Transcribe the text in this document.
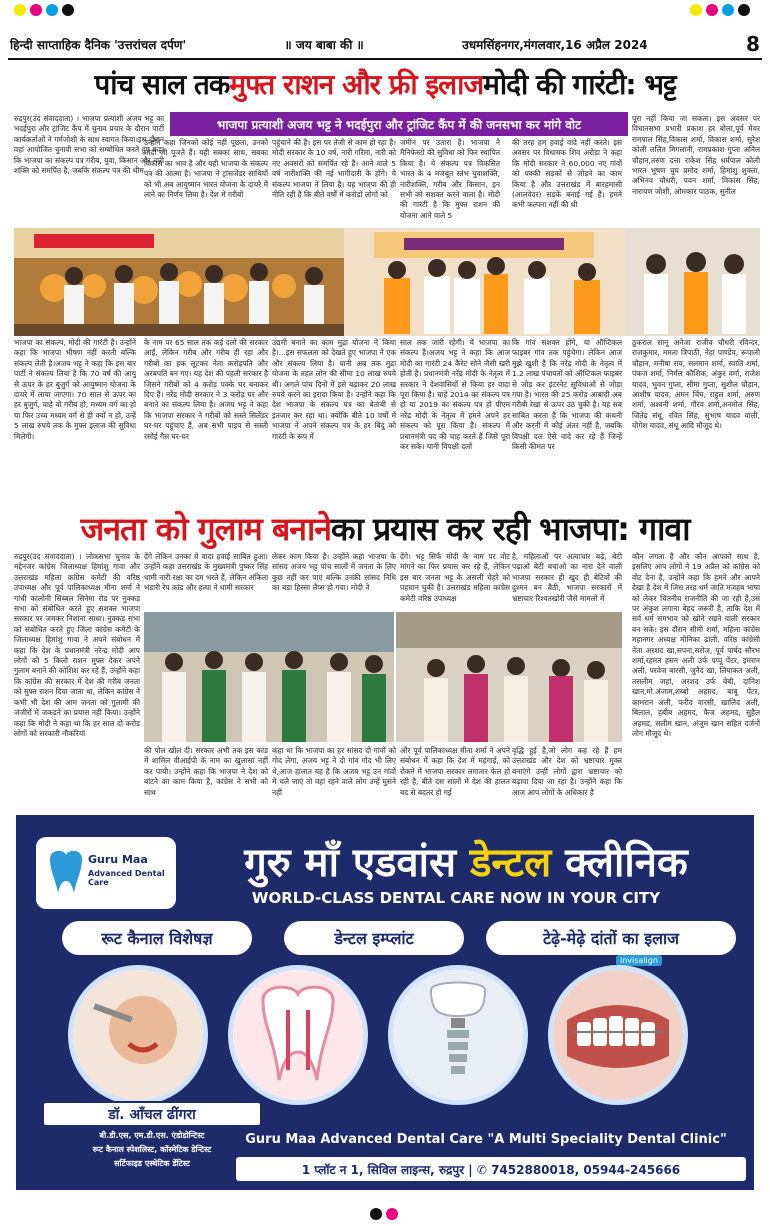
हिन्दी साप्ताहिक दैनिक 'उत्तरांचल दर्पण'	॥ जय बाबा की ॥	उधमसिंहनगर,मंगलवार,16 अप्रैल 2024	8
पांच साल तक मुफ्त राशन और फ्री इलाज मोदी की गारंटी: भट्ट
भाजपा प्रत्याशी अजय भट्ट ने भदईपुरा और ट्रांजिट कैंप में की जनसभा कर मांगे वोट
रुद्रपुर(उद संवाददाता) । भाजपा प्रत्याशी अजय भट्ट का भदईपुरा और ट्रांजिट कैंप में चुनाव प्रचार के दौरान पार्टी कार्यकर्ताओं ने गर्मजोशी के साथ स्वागत किया।इस दौरान वहां आयोजित चुनावी सभा को सम्बोधित करते हुए कहा कि भाजपा का संकल्प पत्र गरीब, युवा, किसान और नारी शक्ति को समर्पित है, जबकि संकल्प पत्र की थीम
उन्होंने कहा जिनको कोई नहीं पूछता, उनको मोदी जी पूजते हैं। यही सबका साथ, सबका विकास का भाव है और यही भाजपा के संकल्प पत्र की आत्मा है। भाजपा ने ट्रांसजेंडर साथियों को भी अब आयुष्मान भारत योजना के दायरे में लाने का निर्णय लिया है। देश में गरीबों
पहुंचाने की है। इस पर तेजी से काम हो रहा है। मोदी सरकार के 10 वर्ष, नारी गरिमा, नारी को नए अवसरों को समर्पित रहे हैं। आने वाले 5 वर्ष नारीशक्ति की नई भागीदारी के होंगे। ये संकल्प भाजपा ने लिया है। यह भाजपा की ही नीति रही है कि बीते वर्षों में करोड़ों लोगों को
जमीन पर उतारा है। भाजपा ने मैनिफेस्टो की सुविधा को फिर स्थापित किया है। ये संकल्प पत्र विकसित भारत के 4 मजबूत स्तंभ युवाशक्ति, नारीशक्ति, गरीब और किसान, इन सभी को सशक्त करने वाला है। मोदी की गारंटी है कि मुफ्त राशन की योजना आने वाले 5
की तरह हम हवाई वादे नहीं करते। इस अवसर पर विधायक शिव अरोड़ा ने कहा कि मोदी सरकार ने 60,000 नए गांवों को पक्की सड़कों से जोड़ने का काम किया है और उत्तराखंड में बारहमासी (आलवेदर) सड़कें बनाई गई हैं। हमने कभी कल्पना नहीं की थी
पूरा नहीं किया जा सकता। इस अवसर पर विधानसभा प्रभारी प्रकाश हर बोला,पूर्व मेयर रामपाल सिंह,विकास शर्मा, विकास शर्मा, सुरेश कोली ललित मिगलानी, रामप्रकाश गुप्ता अनिल चौहान,तरुण दत्ता राकेश सिंह धर्मपाल कोली भारत भूषण चुघ प्रमोद शर्मा, हिमांशु शुक्ला, अभिनव चौधरी, पवन शर्मा, विकास सिंह, नारायण जोशी, ओमकार पाठक, सुनील
भाजपा का संकल्प, मोदी की गारंटी है। उन्होंने कहा कि भाजपा भीषण नहीं करती बल्कि संकल्प लेती है।अजय भट्ट ने कहा कि इस बार पार्टी ने संकल्प लिया है कि 70 वर्ष की आयु से ऊपर के हर बुजुर्ग को आयुष्मान योजना के दायरे में लाया जाएगा। 70 साल से ऊपर का हर बुजुर्ग, चाहे वो गरीब हो, मध्यम वर्ग का हो या फिर उच्च मध्यम वर्ग से ही क्यों न हो, उन्हें 5 लाख रुपये तक के मुफ्त इलाज की सुविधा मिलेगी।
के नाम पर 65 साल तक कई दलों की सरकार आईं, लेकिन गरीब और गरीब ही रहा और गरीबों का हक लूटकर नेता करोड़पति और अरबपति बन गए। यह देश की पहली सरकार है जिसने गरीबों को 4 करोड़ पक्के घर बनाकर दिए हैं। नरेंद्र मोदी सरकार ने 3 करोड़ घर और बनाने का संकल्प लिया है। अजय भट्ट ने कहा कि भाजपा सरकार ने गरीबों को सस्ते सिलेंडर घर-घर पहुंचाए हैं, अब सभी पाइप से सस्ती रसोई गैस घर-घर
उद्यमी बनाने का काम मुद्रा योजना ने किया है।...इस सफलता को देखते हुए भाजपा ने एक और संकल्प लिया है। यानी अब तक मुद्रा योजना के तहत लोन की सीमा 10 लाख रुपये थी। अगले पांच दिनों में इसे बढ़ाकर 20 लाख रुपये करने का इरादा किया है। उन्होंने कहा कि देश भाजपा के संकल्प पत्र का बेताबी से इंतजार कर रहा था। क्योंकि बीते 10 वर्षों में भाजपा ने अपने संकल्प पत्र के हर बिंदु को गारंटी के रूप में
साल तक जारी रहेगी। ये भाजपा का संकल्प है।अजय भट्ट ने कहा कि आज मोदी का गारंटी 24 कैरेट सोने जैसी खरी होती है। प्रधानमंत्री नरेंद्र मोदी के नेतृत्व में सरकार ने देशवासियों से किया हर वादा पूरा किया है। चाहे 2014 का संकल्प पत्र हो या 2019 का संकल्प पत्र हो पीएम नरेंद्र मोदी के नेतृत्व में हमने अपने हर संकल्प को पूरा किया है। संकल्प में प्रधानमंत्री पद की चाह करते हैं जिसे पूरा कर सके। यानी विपक्षी दलों
कि गांव सशक्त होंगे, या ऑप्टिकल फाइबर गांव तक पहुंचेगा। लेकिन आज मुझे खुशी है कि नरेंद्र मोदी के नेतृत्व में 1.2 लाख पंचायतों को ऑप्टिकल फाइबर से जोड़ कर इंटरनेट सुविधाओं से जोड़ा गया है। भारत की 25 करोड़ आबादी अब गरीबी रेखा से ऊपर उठ चुकी है। यह सब साबित करता है कि भाजपा की कथनी और करनी में कोई अंतर नहीं है, जबकि विपक्षी दल ऐसे वादे कर रहे हैं जिन्हें किसी कीमत पर
ठुकराल सानू अनेजा राजीव चौधरी रविन्दर, राजकुमार, ममता त्रिपाठी, नेहा पाण्डेय, रूपाली चौहान, मनीषा राय, सलमान शर्मा, स्वाति शर्मा, पंकज शर्मा, निर्मल कौशिक, अंकुर वर्मा, राजेश यादव, भुवन गुप्ता, सीमा गुप्ता, सुशील चौहान, आशीष यादव, अमन चिंघ, राहुल शर्मा, अरुण शर्मा, अश्वनी शर्मा, गौरव शर्मा,अनमोल सिंह, जितेंद्र संधू, रवित सिंह, सुभाष यादव वाली, योगेश यादव, संधू आदि मौजूद थे।
जनता को गुलाम बनाने का प्रयास कर रही भाजपा: गावा
रुद्रपुर(उद संवाददाता) । लोकसभा चुनाव के मद्देनजर कांग्रेस जिलाध्यक्ष हिमांशु गावा और उत्तराखंड महिला कांग्रेस कमेटी की वरिष्ठ उपाध्यक्ष और पूर्व पालिकाध्यक्ष मीना शर्मा ने गांधी कालोनी सिब्बल सिनेमा रोड पर नुक्कड़ सभा को संबोधित करते हुए सशक्त भाजपा सरकार पर जमकर निशाना साधा। नुक्कड़ सभा को संबोधित करते हुए जिला कांग्रेस कमेटी के जिलाध्यक्ष हिमांशु गावा ने अपने संबोधन में कहा कि देश के प्रधानमंत्री नरेन्द्र मोदी आप लोगों को 5 किलो राशन मुफ्त देकर अपने गुलाम बनाने की कोशिश कर रहे हैं, उन्होंने कहा कि कांग्रेस की सरकार में देश की गरीब जनता को मुफ्त राशन दिया जाता था, लेकिन कांग्रेस ने कभी भी देश की आम जनता को गुलामी की जंजीरों में जकड़ने का प्रयास नहीं किया। उन्होंने कहा कि मोदी ने कहा था कि हर साल दो करोड़ लोगों को सरकारी नौकरियां
देंगे लेकिन उनका ये वादा हवाई साबित हुआ। उन्होंने कहा उत्तराखंड के मुख्यमंत्री पुष्कर सिंह धामी नारी रक्षा का दम भरते हैं, लेकिन अंकिता भंडारी रेप कांड और हत्या ने धामी सरकार
लेकर काम किया है। उन्होंने कहा भाजपा के सांसद अजय भट्ट पांच सालों में जनता के लिए कुछ नहीं कर पाए बल्कि उनकी सांसद निधि का बड़ा हिस्सा लैप्स हो गया। मोदी ने
देंगे। भट्ट सिर्फ मोदी के नाम पर वोट मांगने का फिर प्रयास कर रहे हैं, लेकिन इस बार जनता भट्ट के असली चेहरे को पहचान चुकी है। उत्तराखंड महिला कांग्रेस कमेटी वरिष्ठ उपाध्यक्ष
है, महिलाओं पर अत्याचार बढ़े, बेटी पढ़ाओ बेटी बचाओ का नारा देने वाली भाजपा सरकार ही खुद ही बेटियों की दुश्मन बन बैठी, भाजपा सरकारों में भ्रष्टाचार रिश्वतखोरी जैसे मामलों में
कौन लगता है और कौन आपको साथ है, इसलिए आप लोगों ने 19 अप्रैल को कांग्रेस को वोट देना है, उन्होंने कहा कि हमने और आपने देखा है देश में जिस तरह धर्म जाति मजहब भाषा को लेकर चिंतनीय राजनीति की जा रही है,उस पर अंकुश लगाना बेहद जरूरी है, ताकि देश में सर्व धर्म समभाव को खोने रखने वाली सरकार बन सके। इस दौरान सीमी शर्मा, महिला कांग्रेस महानगर अध्यक्ष मोनिका ढाली, वरिष्ठ कांग्रेसी नेता अरशद खा,सपना,सरोज, पूर्व पार्षद सौरभ शर्मा,रहमत हसन अली उर्फ पप्पू पेंटर, इमरान अली, परवेज बारसी, जुनैद खा, लियाकत अली, तसलीम जहां, अरशद उर्फ बेबी, दानिश खान,मो.अंजाम,शब्बो अहमद, बाबू पेंटर, कामरान अली, फरीद वारसी, खालिद अली, बिलाल, हबीब अहमद, फैज अहमद, सुहैल अहमद, सलीम खान, अंजुम खान सहित दर्जनों लोग मौजूद थे।
की पोल खोल दी। सरकार अभी तक इस कांड में शामिल वीआईपी के नाम का खुलासा नहीं कर पायी। उन्होंने कहा कि भाजपा ने देश को बांटने का काम किया है, कांग्रेस ने सभी को साथ
कहा था कि भाजपा का हर सांसद दो गांवों को गोद लेगा, अजय भट्ट ने दो गांव गोद भी लिए थे,आज हालात यह है कि अजय भट्ट उन गांवों में चले जाएं तो वहां रहने वाले लोग उन्हें घुसने नहीं
और पूर्व पालिकाध्यक्ष मीना शर्मा ने अपने संबोधन में कहा कि देश में महंगाई, को रोकने में भाजपा सरकार लगातार फेल हो रही है, बीते दस सालों में देश की हालत बद से बदतर हो गई
वृद्धि हुई है,जो लोग कह रहे हैं हम उत्तराखंड और देश को भ्रष्टाचार मुक्त बनाएंगे उन्हीं लोगों द्वारा भ्रष्टाचार को बढ़ावा दिया जा रहा है। उन्होंने कहा कि आज आप लोगों के अधिकार है
Guru Maa
Advanced Dental Care	गुरु माँ एडवांस डेन्टल क्लीनिक
WORLD-CLASS DENTAL CARE NOW IN YOUR CITY
रूट कैनाल विशेषज्ञ	डेन्टल इम्प्लांट	टेढ़े-मेढ़े दांतों का इलाज
invisalign
डॉ. आँचल ढींगरा
बी.डी.एस, एम.डी.एस. एंडोडोन्टिस्ट
रूट कैनाल स्पेशलिस्ट, कॉस्मेटिक डेन्टिस्ट
सर्टिफाइड एस्थेटिक डेंटिस्ट
Guru Maa Advanced Dental Care "A Multi Speciality Dental Clinic"
1 प्लॉट न 1, सिविल लाइन्स, रुद्रपुर | ✆ 7452880018, 05944-245666
